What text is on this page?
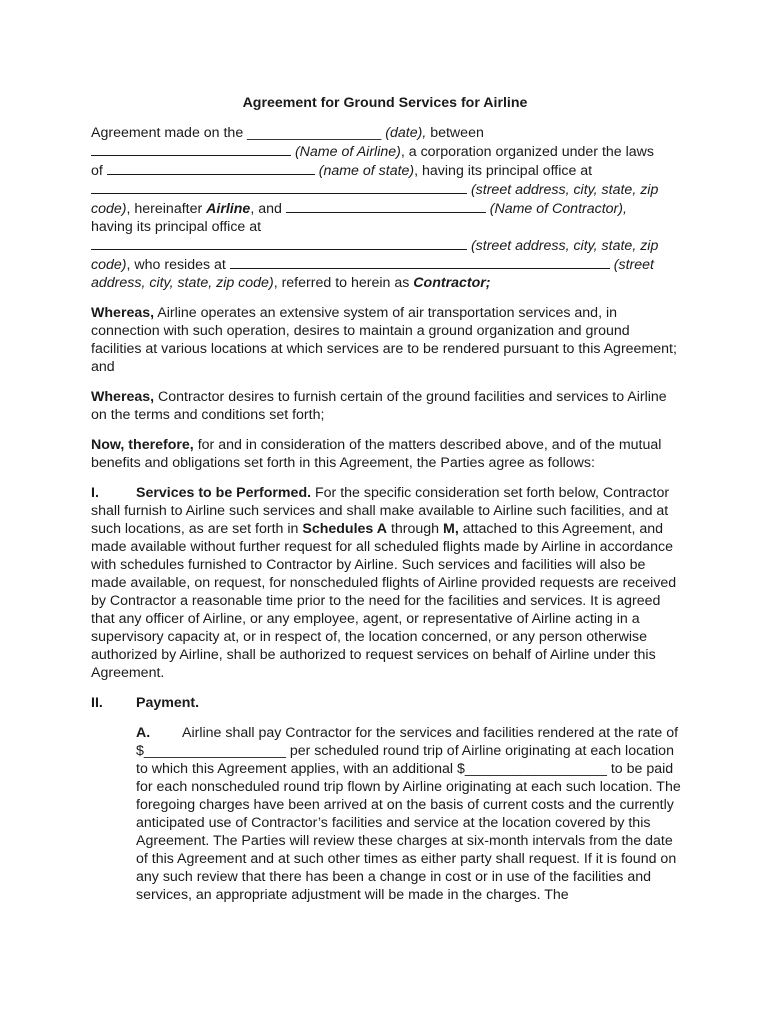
Agreement for Ground Services for Airline

Agreement made on the _________________ (date), between
(Name of Airline), a corporation organized under the laws
of	(name of state), having its principal office at
(street address, city, state, zip
code), hereinafter Airline, and	(Name of Contractor),
having its principal office at
(street address, city, state, zip
code), who resides at	(street
address, city, state, zip code), referred to herein as Contractor;

Whereas, Airline operates an extensive system of air transportation services and, in connection with such operation, desires to maintain a ground organization and ground facilities at various locations at which services are to be rendered pursuant to this Agreement; and

Whereas, Contractor desires to furnish certain of the ground facilities and services to Airline on the terms and conditions set forth;

Now, therefore, for and in consideration of the matters described above, and of the mutual benefits and obligations set forth in this Agreement, the Parties agree as follows:

I.	Services to be Performed. For the specific consideration set forth below, Contractor shall furnish to Airline such services and shall make available to Airline such facilities, and at such locations, as are set forth in Schedules A through M, attached to this Agreement, and made available without further request for all scheduled flights made by Airline in accordance with schedules furnished to Contractor by Airline. Such services and facilities will also be made available, on request, for nonscheduled flights of Airline provided requests are received by Contractor a reasonable time prior to the need for the facilities and services. It is agreed that any officer of Airline, or any employee, agent, or representative of Airline acting in a supervisory capacity at, or in respect of, the location concerned, or any person otherwise authorized by Airline, shall be authorized to request services on behalf of Airline under this Agreement.

II. Payment.

A. Airline shall pay Contractor for the services and facilities rendered at the rate of $__________________ per scheduled round trip of Airline originating at each location to which this Agreement applies, with an additional $__________________ to be paid for each nonscheduled round trip flown by Airline originating at each such location. The foregoing charges have been arrived at on the basis of current costs and the currently anticipated use of Contractor’s facilities and service at the location covered by this Agreement. The Parties will review these charges at six-month intervals from the date of this Agreement and at such other times as either party shall request. If it is found on any such review that there has been a change in cost or in use of the facilities and services, an appropriate adjustment will be made in the charges. The
